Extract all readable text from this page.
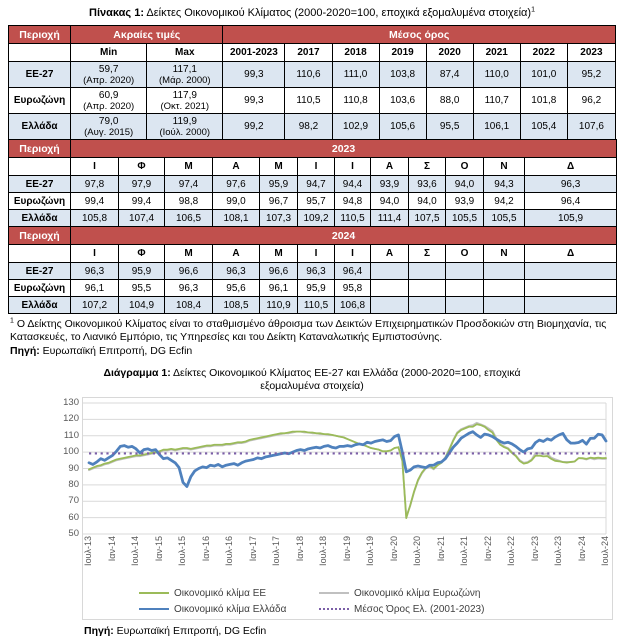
Πίνακας 1: Δείκτες Οικονομικού Κλίματος (2000-2020=100, εποχικά εξομαλυμένα στοιχεία)$^1$
Περιοχή	Ακραίες τιμές		Μέσος όρος							
	Min	Max	2001-2023	2017	2018	2019	2020	2021	2022	2023
ΕΕ-27	59,7
(Απρ. 2020)

117,1
(Μάρ. 2000)	99,3	110,6	111,0	103,8	87,4	110,0	101,0	95,2
Ευρωζώνη	60,9
(Απρ. 2020)

117,9
(Οκτ. 2021)	99,3	110,5	110,8	103,6	88,0	110,7	101,8	96,2
Ελλάδα	79,0
(Αυγ. 2015)

119,9
(Ιούλ. 2000)	99,2	98,2	102,9	105,6	95,5	106,1	105,4	107,6
Περιοχή	2023											
	Ι	Φ	Μ	Α	Μ	Ι	Ι	Α	Σ	Ο	Ν	Δ
ΕΕ-27	97,8	97,9	97,4	97,6	95,9	94,7	94,4	93,9	93,6	94,0	94,3	96,3
Ευρωζώνη	99,4	99,4	98,8	99,0	96,7	95,7	94,8	94,0	94,0	93,9	94,2	96,4
Ελλάδα	105,8	107,4	106,5	108,1	107,3	109,2	110,5	111,4	107,5	105,5	105,5	105,9
Περιοχή	2024											
	Ι	Φ	Μ	Α	Μ	Ι	Ι	Α	Σ	Ο	Ν	Δ
ΕΕ-27	96,3	95,9	96,6	96,3	96,6	96,3	96,4					
Ευρωζώνη	96,1	95,5	96,3	95,6	96,1	95,9	95,8					
Ελλάδα	107,2	104,9	108,4	108,5	110,9	110,5	106,8					
$^1$ Ο Δείκτης Οικονομικού Κλίματος είναι το σταθμισμένο άθροισμα των Δεικτών Επιχειρηματικών Προσδοκιών στη Βιομηχανία, τις Κατασκευές, το Λιανικό Εμπόριο, τις Υπηρεσίες και του Δείκτη Καταναλωτικής Εμπιστοσύνης.
Πηγή: Ευρωπαϊκή Επιτροπή, DG Ecfin
Διάγραμμα 1: Δείκτες Οικονομικού Κλίματος ΕΕ-27 και Ελλάδα (2000-2020=100, εποχικά εξομαλυμένα στοιχεία)
130
120
110
100
90
80
70
60
50
Ιουλ-13 Ιαν-14 Ιουλ-14 Ιαν-15 Ιουλ-15 Ιαν-16 Ιουλ-16 Ιαν-17 Ιουλ-17 Ιαν-18 Ιουλ-18 Ιαν-19 Ιουλ-19 Ιαν-20 Ιουλ-20 Ιαν-21 Ιουλ-21 Ιαν-22 Ιουλ-22 Ιαν-23 Ιουλ-23 Ιαν-24 Ιουλ-24
Οικονομικό κλίμα ΕΕ	Οικονομικό κλίμα Ευρωζώνη
Οικονομικό κλίμα Ελλάδα	Μέσος Όρος Ελ. (2001-2023)
Πηγή: Ευρωπαϊκή Επιτροπή, DG Ecfin
